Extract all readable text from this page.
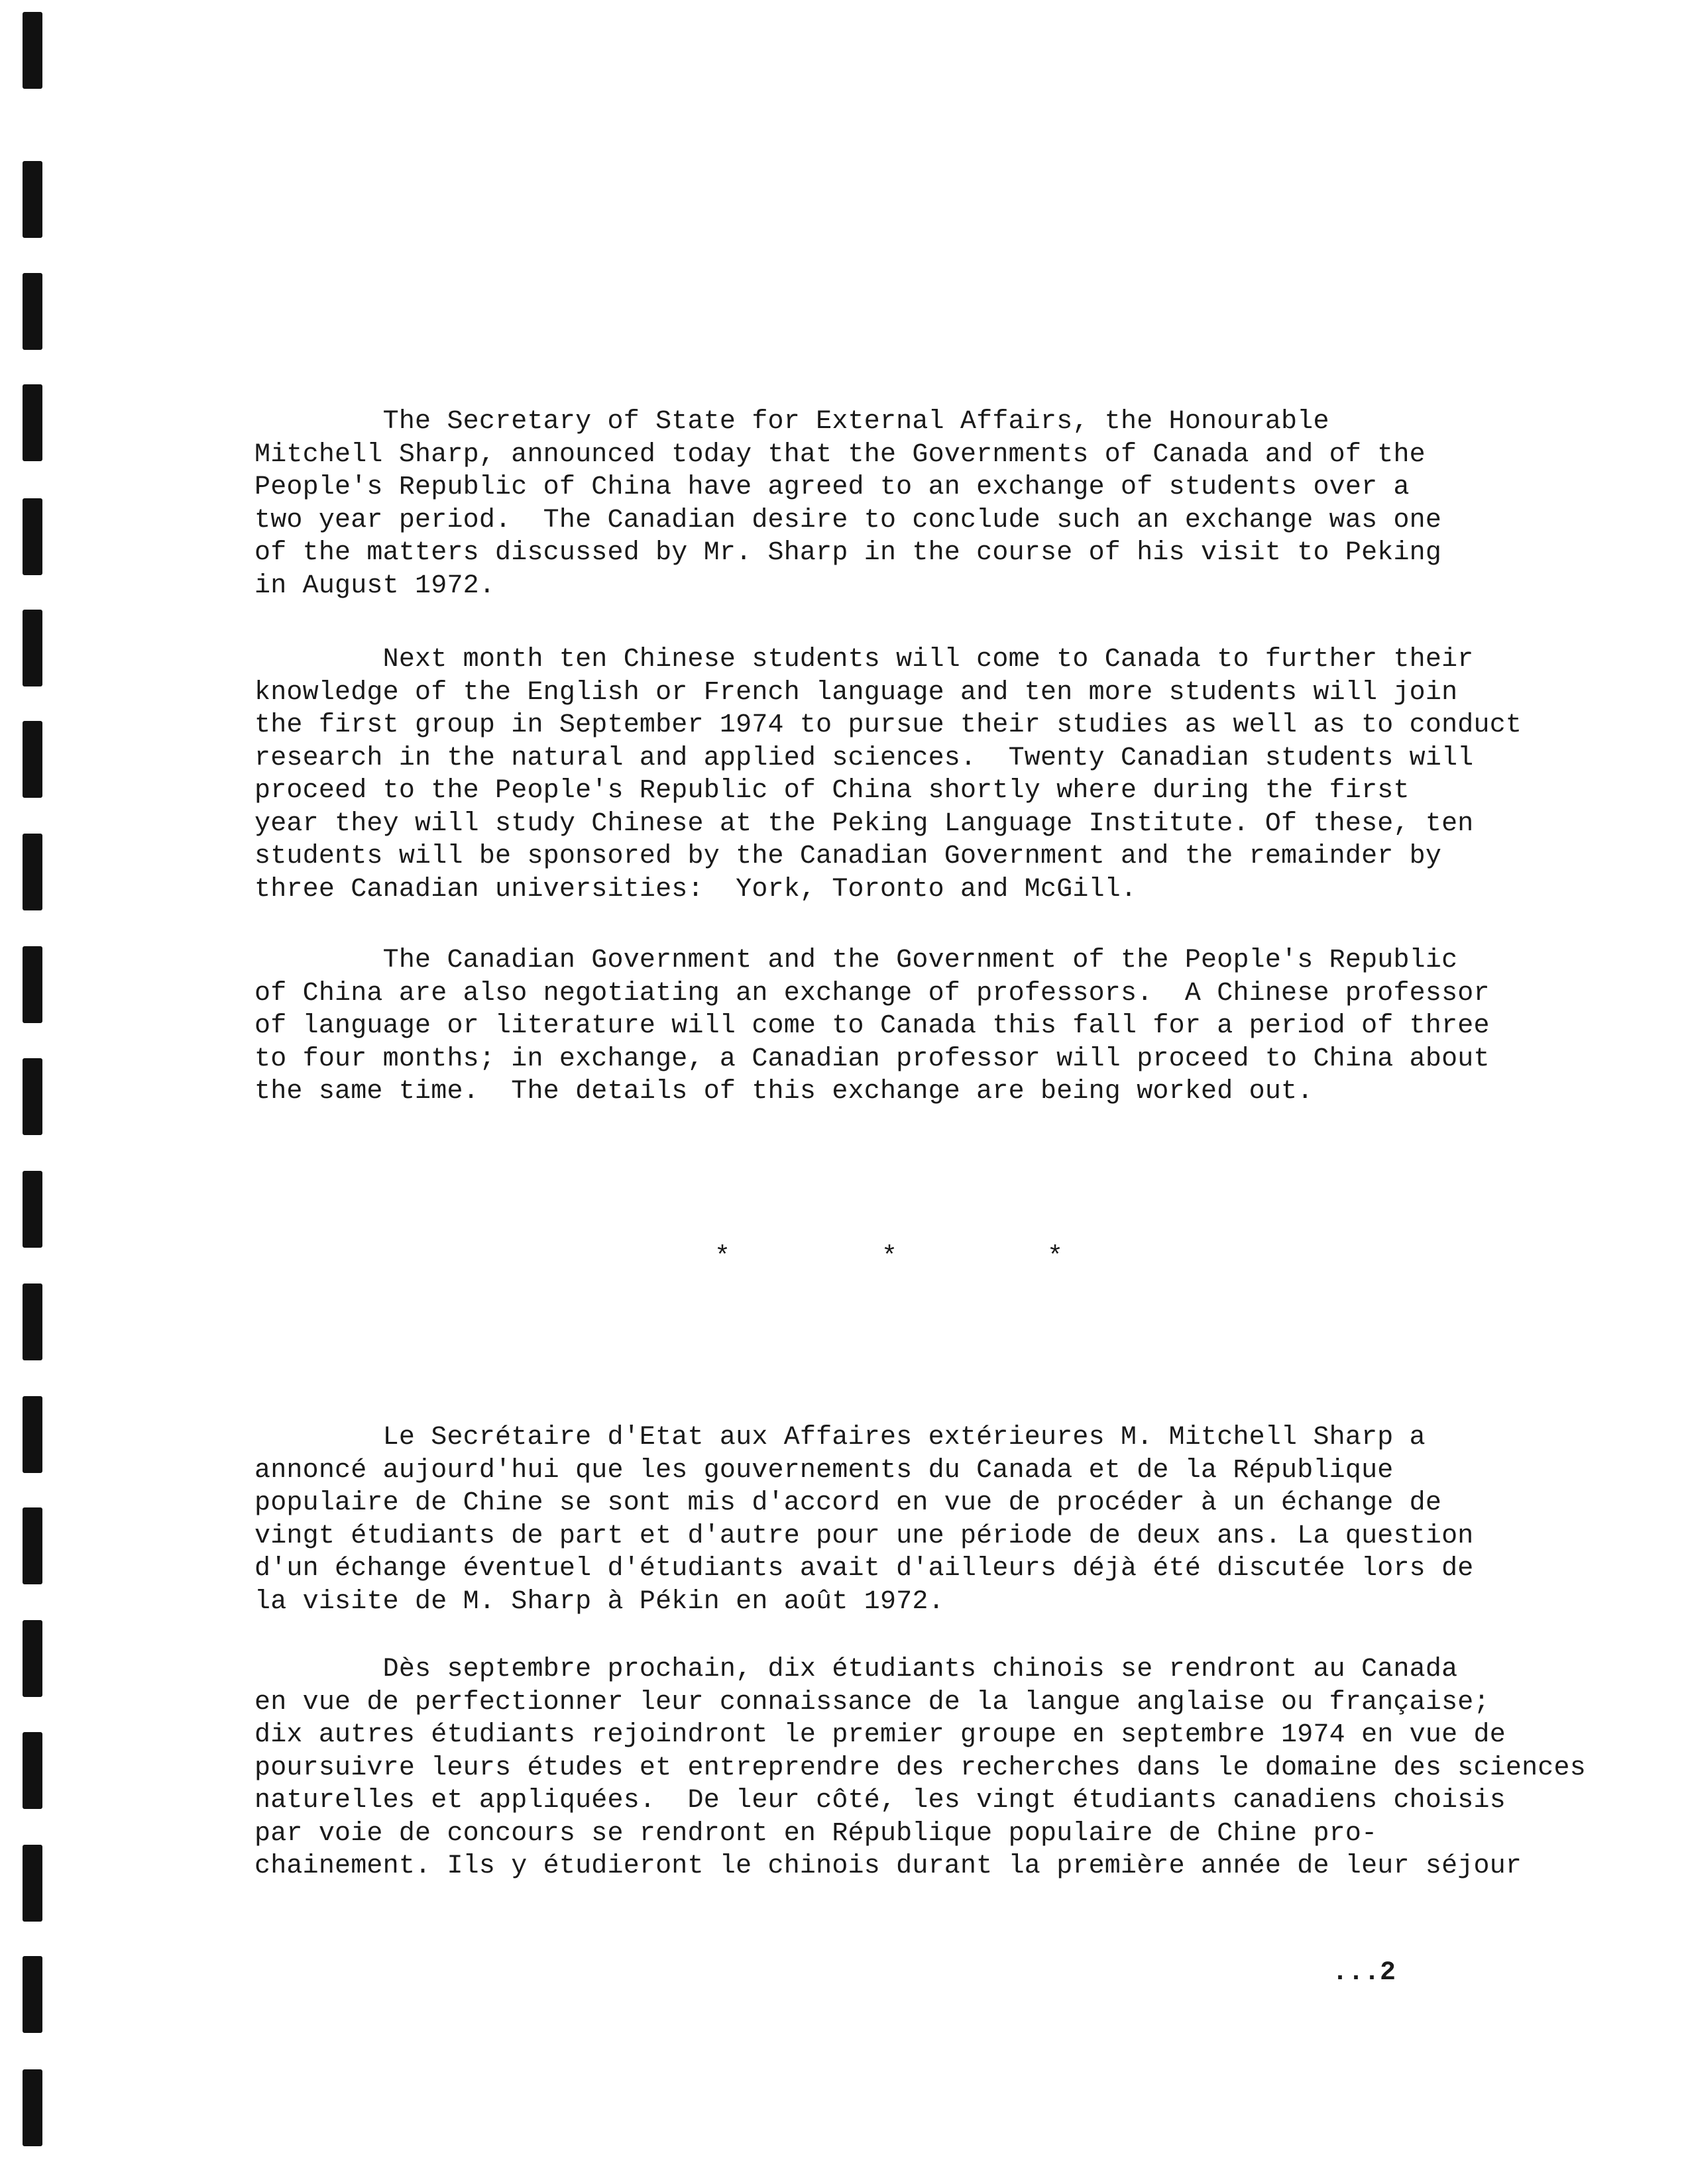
The Secretary of State for External Affairs, the Honourable
Mitchell Sharp, announced today that the Governments of Canada and of the
People's Republic of China have agreed to an exchange of students over a
two year period.  The Canadian desire to conclude such an exchange was one
of the matters discussed by Mr. Sharp in the course of his visit to Peking
in August 1972.

Next month ten Chinese students will come to Canada to further their
knowledge of the English or French language and ten more students will join
the first group in September 1974 to pursue their studies as well as to conduct
research in the natural and applied sciences.  Twenty Canadian students will
proceed to the People's Republic of China shortly where during the first
year they will study Chinese at the Peking Language Institute. Of these, ten
students will be sponsored by the Canadian Government and the remainder by
three Canadian universities:  York, Toronto and McGill.

The Canadian Government and the Government of the People's Republic
of China are also negotiating an exchange of professors.  A Chinese professor
of language or literature will come to Canada this fall for a period of three
to four months; in exchange, a Canadian professor will proceed to China about
the same time.  The details of this exchange are being worked out.

*	*	*

Le Secrétaire d'Etat aux Affaires extérieures M. Mitchell Sharp a
annoncé aujourd'hui que les gouvernements du Canada et de la République
populaire de Chine se sont mis d'accord en vue de procéder à un échange de
vingt étudiants de part et d'autre pour une période de deux ans. La question
d'un échange éventuel d'étudiants avait d'ailleurs déjà été discutée lors de
la visite de M. Sharp à Pékin en août 1972.

Dès septembre prochain, dix étudiants chinois se rendront au Canada
en vue de perfectionner leur connaissance de la langue anglaise ou française;
dix autres étudiants rejoindront le premier groupe en septembre 1974 en vue de
poursuivre leurs études et entreprendre des recherches dans le domaine des sciences
naturelles et appliquées.  De leur côté, les vingt étudiants canadiens choisis
par voie de concours se rendront en République populaire de Chine pro-
chainement. Ils y étudieront le chinois durant la première année de leur séjour

...2
